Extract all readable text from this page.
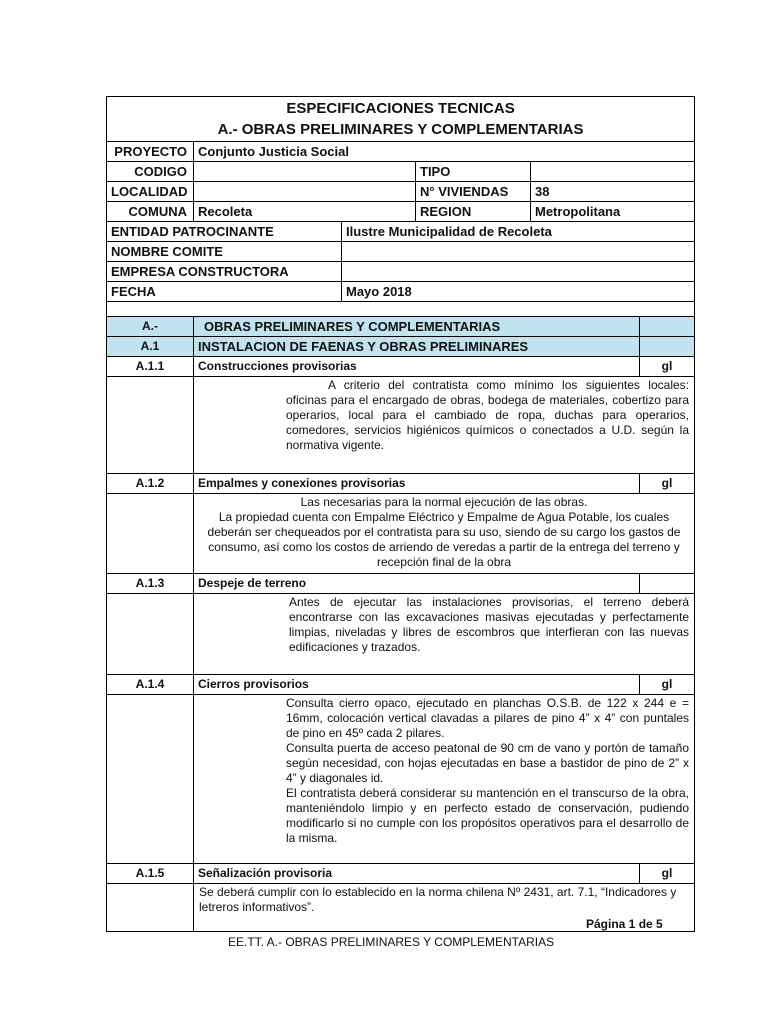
ESPECIFICACIONES TECNICAS
A.- OBRAS PRELIMINARES Y COMPLEMENTARIAS				

PROYECTO	Conjunto Justicia Social			
CODIGO			TIPO	
LOCALIDAD			N° VIVIENDAS	38
COMUNA	Recoleta		REGION	Metropolitana
ENTIDAD PATROCINANTE		Ilustre Municipalidad de Recoleta		
NOMBRE COMITE				
EMPRESA CONSTRUCTORA				
FECHA		Mayo 2018		

A.-	OBRAS PRELIMINARES Y COMPLEMENTARIAS	
A.1	INSTALACION DE FAENAS Y OBRAS PRELIMINARES	
A.1.1	Construcciones provisorias	gl

	A criterio del contratista como mínimo los siguientes locales: oficinas para el encargado de obras, bodega de materiales, cobertizo para operarios, local para el cambiado de ropa, duchas para operarios, comedores, servicios higiénicos químicos o conectados a U.D. según la normativa vigente.	

A.1.2	Empalmes y conexiones provisorias	gl

	Las necesarias para la normal ejecución de las obras.
La propiedad cuenta con Empalme Eléctrico y Empalme de Agua Potable, los cuales deberán ser chequeados por el contratista para su uso, siendo de su cargo los gastos de consumo, así como los costos de arriendo de veredas a partir de la entrega del terreno y recepción final de la obra	

A.1.3	Despeje de terreno	

	Antes de ejecutar las instalaciones provisorias, el terreno deberá encontrarse con las excavaciones masivas ejecutadas y perfectamente limpias, niveladas y libres de escombros que interfieran con las nuevas edificaciones y trazados.	

A.1.4	Cierros provisorios	gl

	Consulta cierro opaco, ejecutado en planchas O.S.B. de 122 x 244 e = 16mm, colocación vertical clavadas a pilares de pino 4” x 4” con puntales de pino en 45º cada 2 pilares.
Consulta puerta de acceso peatonal de 90 cm de vano y portón de tamaño según necesidad, con hojas ejecutadas en base a bastidor de pino de 2” x 4” y diagonales id.
El contratista deberá considerar su mantención en el transcurso de la obra, manteniéndolo limpio y en perfecto estado de conservación, pudiendo modificarlo si no cumple con los propósitos operativos para el desarrollo de la misma.	

A.1.5	Señalización provisoria	gl

	Se deberá cumplir con lo establecido en la norma chilena Nº 2431, art. 7.1, “Indicadores y letreros informativos”.	
Página 1 de 5
EE.TT. A.- OBRAS PRELIMINARES Y COMPLEMENTARIAS
